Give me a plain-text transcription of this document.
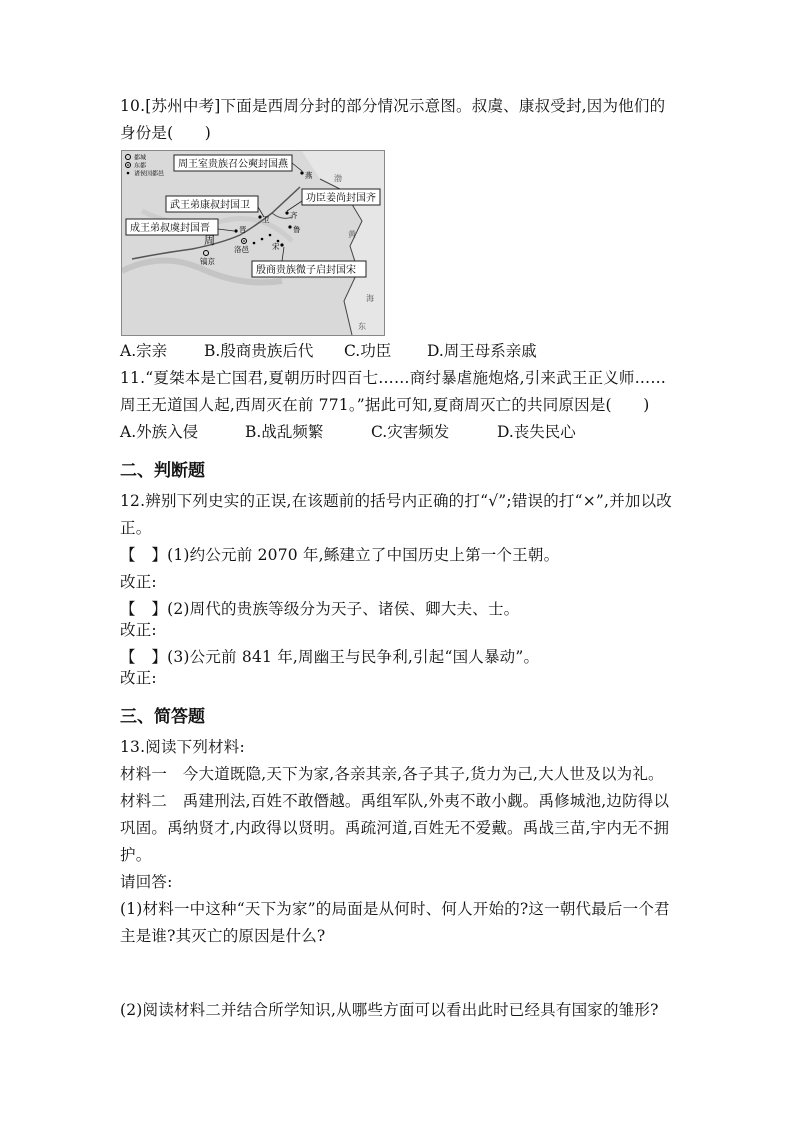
10.[苏州中考]下面是西周分封的部分情况示意图。叔虞、康叔受封,因为他们的
身份是(　　)
都城
东都
诸侯国都邑
周王室贵族召公奭封国燕
功臣姜尚封国齐
武王弟康叔封国卫
成王弟叔虞封国晋
殷商贵族微子启封国宋
燕
齐
鲁
卫
晋
周
洛邑
镐京
宋
东
海
黄
渤
A.宗亲 B.殷商贵族后代 C.功臣 D.周王母系亲戚
11.“夏桀本是亡国君,夏朝历时四百七……商纣暴虐施炮烙,引来武王正义师……
周王无道国人起,西周灭在前 771。”据此可知,夏商周灭亡的共同原因是(　　)
A.外族入侵	B.战乱频繁	C.灾害频发	D.丧失民心
二、判断题
12.辨别下列史实的正误,在该题前的括号内正确的打“√”;错误的打“×”,并加以改
正。
【　】(1)约公元前 2070 年,鲧建立了中国历史上第一个王朝。
改正:
【　】(2)周代的贵族等级分为天子、诸侯、卿大夫、士。
改正:
【　】(3)公元前 841 年,周幽王与民争利,引起“国人暴动”。
改正:
三、简答题
13.阅读下列材料:
材料一　今大道既隐,天下为家,各亲其亲,各子其子,货力为己,大人世及以为礼。
材料二　禹建刑法,百姓不敢僭越。禹组军队,外夷不敢小觑。禹修城池,边防得以
巩固。禹纳贤才,内政得以贤明。禹疏河道,百姓无不爱戴。禹战三苗,宇内无不拥
护。
请回答:
(1)材料一中这种“天下为家”的局面是从何时、何人开始的?这一朝代最后一个君
主是谁?其灭亡的原因是什么?
(2)阅读材料二并结合所学知识,从哪些方面可以看出此时已经具有国家的雏形?
